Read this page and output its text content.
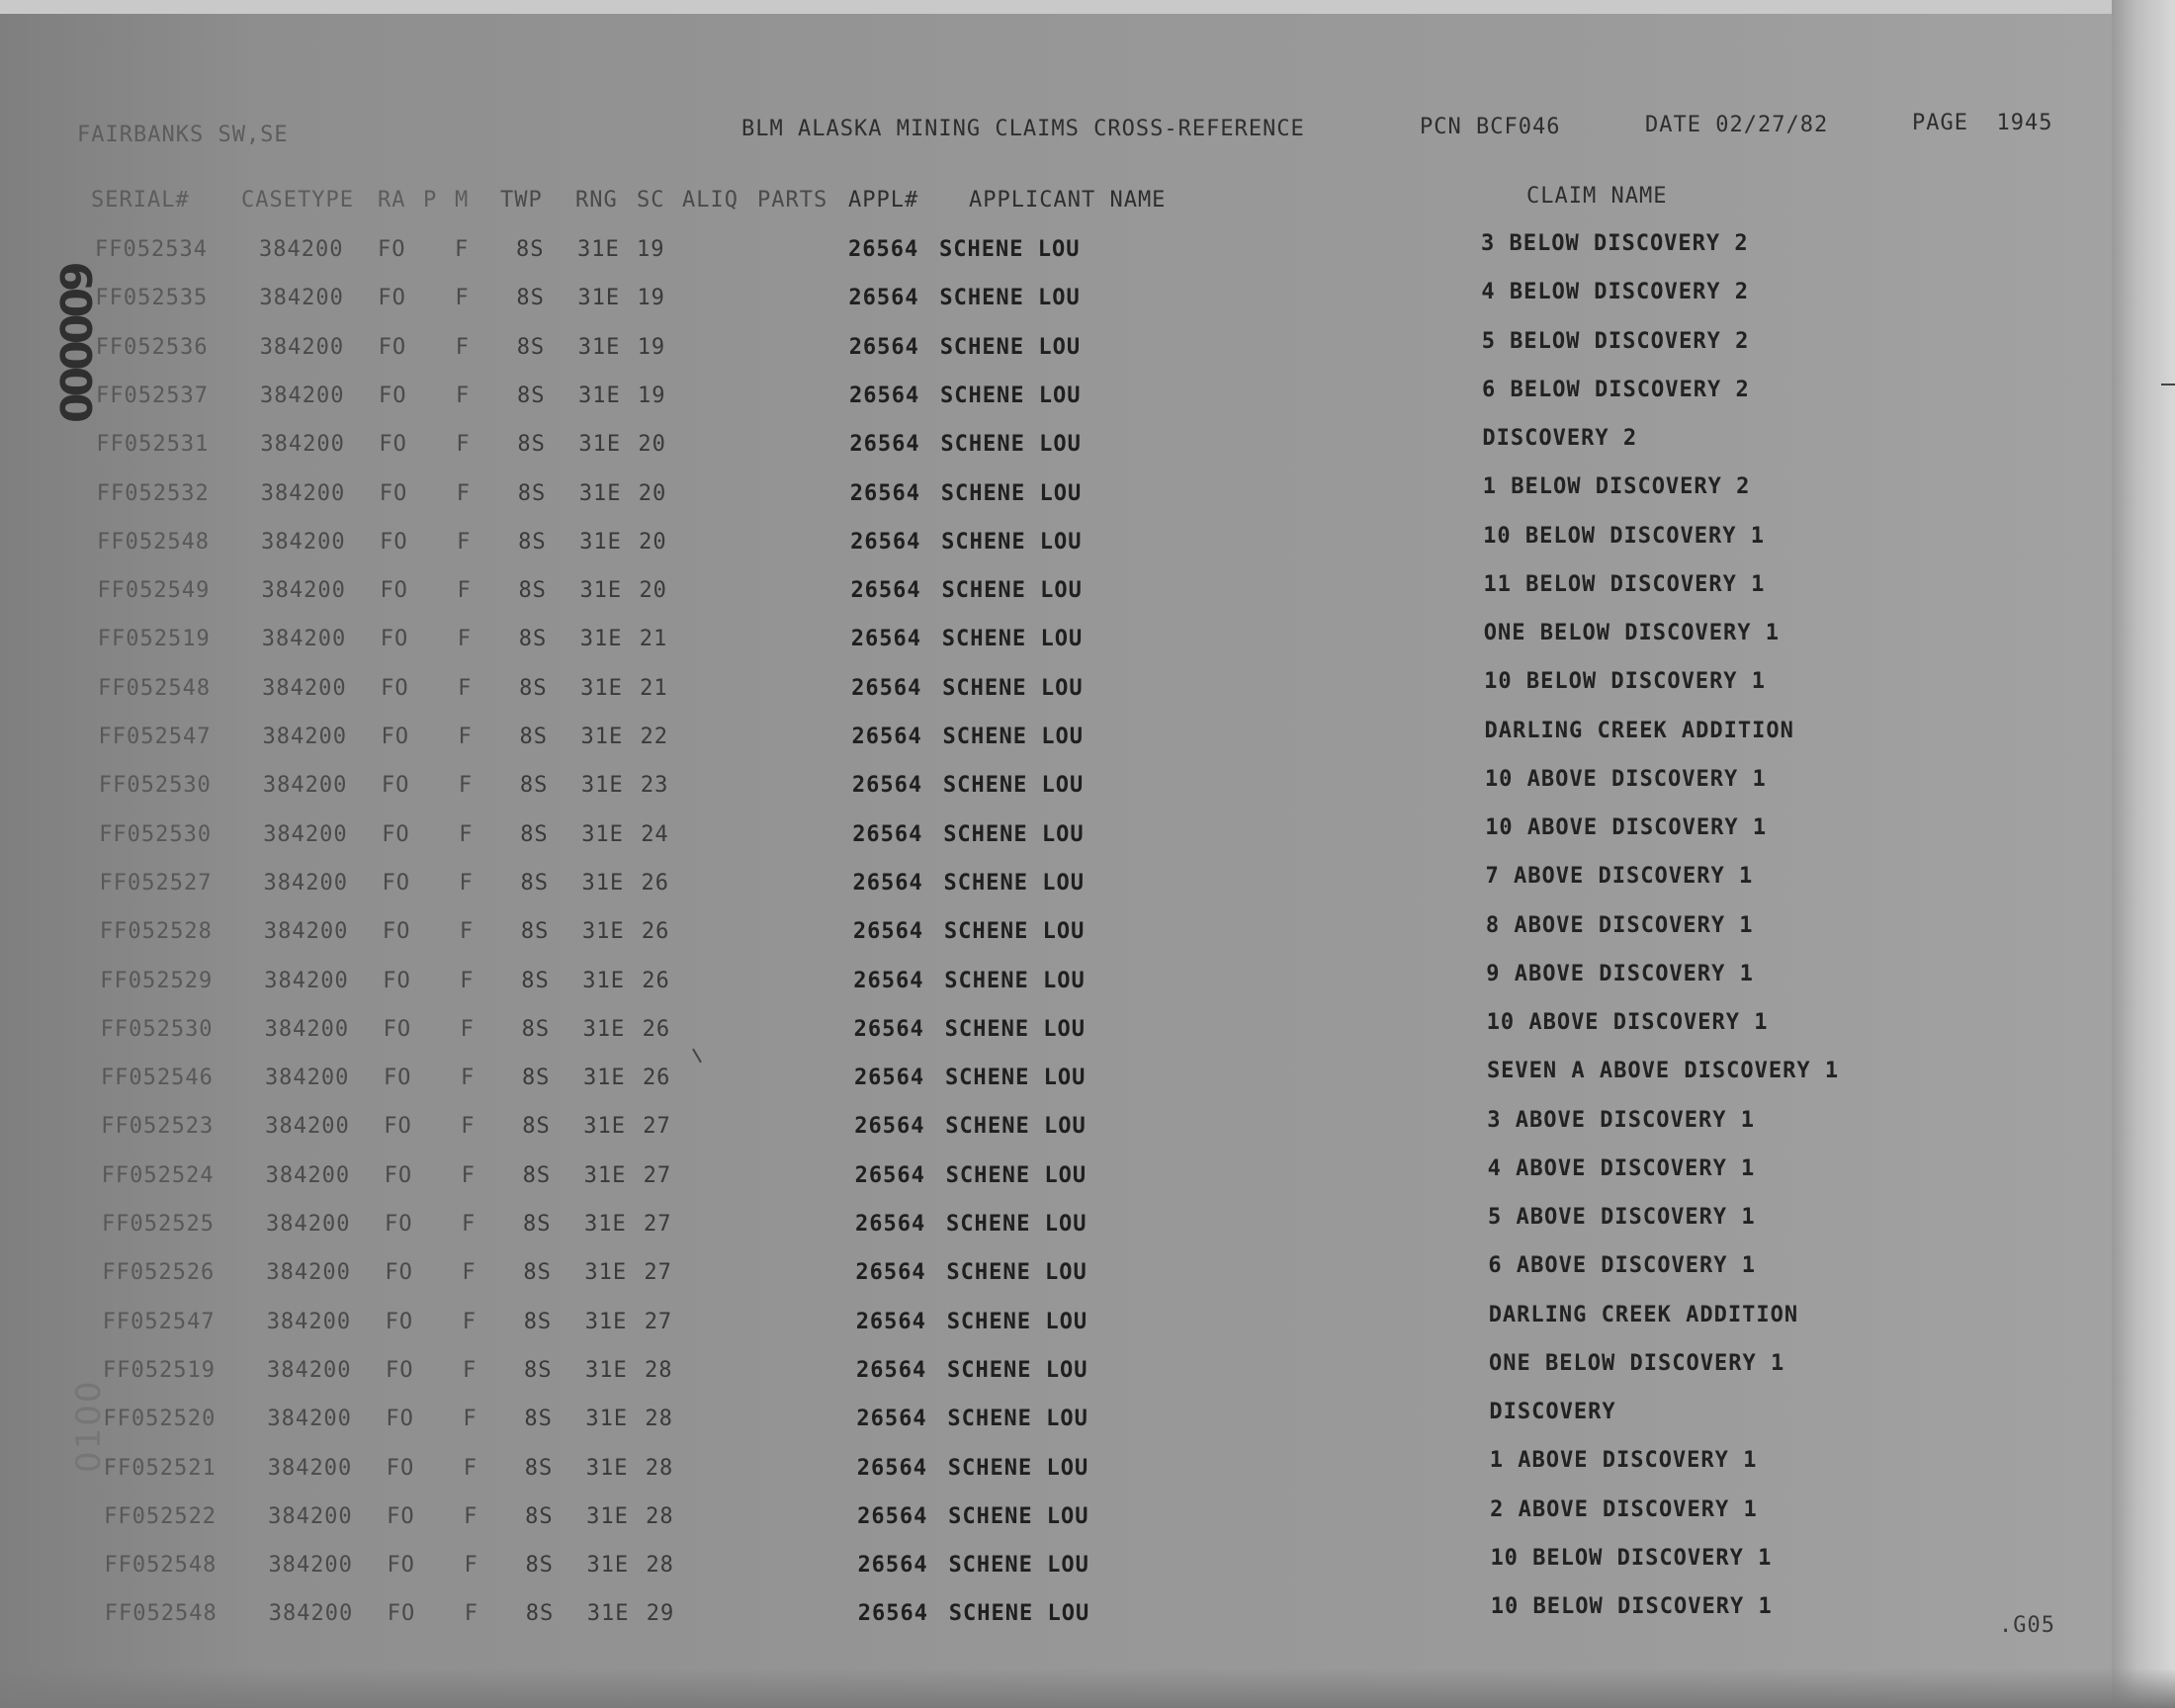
FAIRBANKS SW,SE	BLM ALASKA MINING CLAIMS CROSS-REFERENCE	PCN BCF046	DATE 02/27/82	PAGE  1945
SERIAL# CASETYPE RA P M TWP RNG SC ALIQ PARTS APPL# APPLICANT NAME	CLAIM NAME
FF052534 384200 FO F 8S 31E 19	26564 SCHENE LOU	3 BELOW DISCOVERY 2
FF052535 384200 FO F 8S 31E 19	26564 SCHENE LOU	4 BELOW DISCOVERY 2
FF052536 384200 FO F 8S 31E 19	26564 SCHENE LOU	5 BELOW DISCOVERY 2
FF052537 384200 FO F 8S 31E 19	26564 SCHENE LOU	6 BELOW DISCOVERY 2
FF052531 384200 FO F 8S 31E 20	26564 SCHENE LOU	DISCOVERY 2
FF052532 384200 FO F 8S 31E 20	26564 SCHENE LOU	1 BELOW DISCOVERY 2
FF052548 384200 FO F 8S 31E 20	26564 SCHENE LOU	10 BELOW DISCOVERY 1
FF052549 384200 FO F 8S 31E 20	26564 SCHENE LOU	11 BELOW DISCOVERY 1
FF052519 384200 FO F 8S 31E 21	26564 SCHENE LOU	ONE BELOW DISCOVERY 1
FF052548 384200 FO F 8S 31E 21	26564 SCHENE LOU	10 BELOW DISCOVERY 1
FF052547 384200 FO F 8S 31E 22	26564 SCHENE LOU	DARLING CREEK ADDITION
FF052530 384200 FO F 8S 31E 23	26564 SCHENE LOU	10 ABOVE DISCOVERY 1
FF052530 384200 FO F 8S 31E 24	26564 SCHENE LOU	10 ABOVE DISCOVERY 1
FF052527 384200 FO F 8S 31E 26	26564 SCHENE LOU	7 ABOVE DISCOVERY 1
FF052528 384200 FO F 8S 31E 26	26564 SCHENE LOU	8 ABOVE DISCOVERY 1
FF052529 384200 FO F 8S 31E 26	26564 SCHENE LOU	9 ABOVE DISCOVERY 1
FF052530 384200 FO F 8S 31E 26	26564 SCHENE LOU	10 ABOVE DISCOVERY 1
FF052546 384200 FO F 8S 31E 26	26564 SCHENE LOU	SEVEN A ABOVE DISCOVERY 1
FF052523 384200 FO F 8S 31E 27	26564 SCHENE LOU	3 ABOVE DISCOVERY 1
FF052524 384200 FO F 8S 31E 27	26564 SCHENE LOU	4 ABOVE DISCOVERY 1
FF052525 384200 FO F 8S 31E 27	26564 SCHENE LOU	5 ABOVE DISCOVERY 1
FF052526 384200 FO F 8S 31E 27	26564 SCHENE LOU	6 ABOVE DISCOVERY 1
FF052547 384200 FO F 8S 31E 27	26564 SCHENE LOU	DARLING CREEK ADDITION
FF052519 384200 FO F 8S 31E 28	26564 SCHENE LOU	ONE BELOW DISCOVERY 1
FF052520 384200 FO F 8S 31E 28	26564 SCHENE LOU	DISCOVERY
FF052521 384200 FO F 8S 31E 28	26564 SCHENE LOU	1 ABOVE DISCOVERY 1
FF052522 384200 FO F 8S 31E 28	26564 SCHENE LOU	2 ABOVE DISCOVERY 1
FF052548 384200 FO F 8S 31E 28	26564 SCHENE LOU	10 BELOW DISCOVERY 1
FF052548 384200 FO F 8S 31E 29	26564 SCHENE LOU	10 BELOW DISCOVERY 1
000009
0100
.G05
